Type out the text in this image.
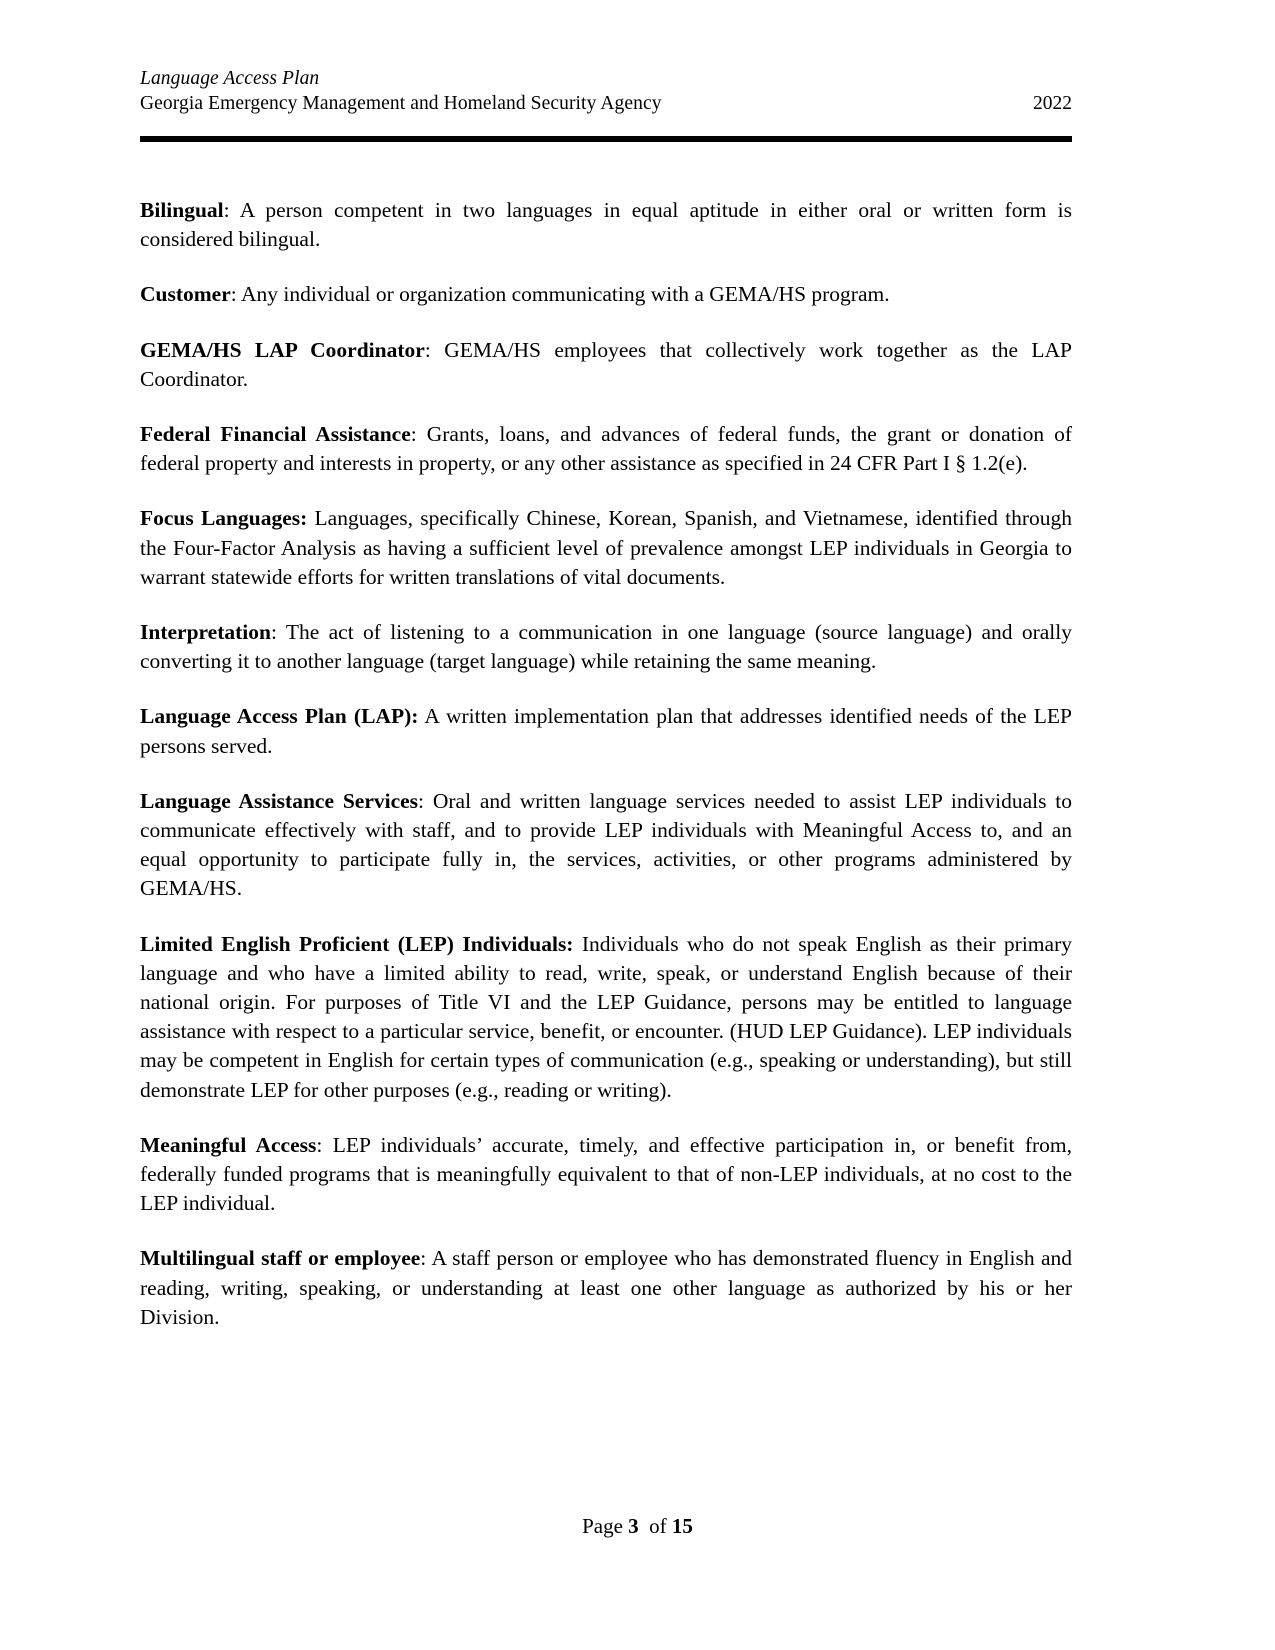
Language Access Plan
Georgia Emergency Management and Homeland Security Agency	2022

Bilingual: A person competent in two languages in equal aptitude in either oral or written form is considered bilingual.

Customer: Any individual or organization communicating with a GEMA/HS program.

GEMA/HS LAP Coordinator: GEMA/HS employees that collectively work together as the LAP Coordinator.

Federal Financial Assistance: Grants, loans, and advances of federal funds, the grant or donation of federal property and interests in property, or any other assistance as specified in 24 CFR Part I § 1.2(e).

Focus Languages: Languages, specifically Chinese, Korean, Spanish, and Vietnamese, identified through the Four-Factor Analysis as having a sufficient level of prevalence amongst LEP individuals in Georgia to warrant statewide efforts for written translations of vital documents.

Interpretation: The act of listening to a communication in one language (source language) and orally converting it to another language (target language) while retaining the same meaning.

Language Access Plan (LAP): A written implementation plan that addresses identified needs of the LEP persons served.

Language Assistance Services: Oral and written language services needed to assist LEP individuals to communicate effectively with staff, and to provide LEP individuals with Meaningful Access to, and an equal opportunity to participate fully in, the services, activities, or other programs administered by GEMA/HS.

Limited English Proficient (LEP) Individuals: Individuals who do not speak English as their primary language and who have a limited ability to read, write, speak, or understand English because of their national origin. For purposes of Title VI and the LEP Guidance, persons may be entitled to language assistance with respect to a particular service, benefit, or encounter. (HUD LEP Guidance). LEP individuals may be competent in English for certain types of communication (e.g., speaking or understanding), but still demonstrate LEP for other purposes (e.g., reading or writing).

Meaningful Access: LEP individuals’ accurate, timely, and effective participation in, or benefit from, federally funded programs that is meaningfully equivalent to that of non-LEP individuals, at no cost to the LEP individual.

Multilingual staff or employee: A staff person or employee who has demonstrated fluency in English and reading, writing, speaking, or understanding at least one other language as authorized by his or her Division.

Page 3 of 15
